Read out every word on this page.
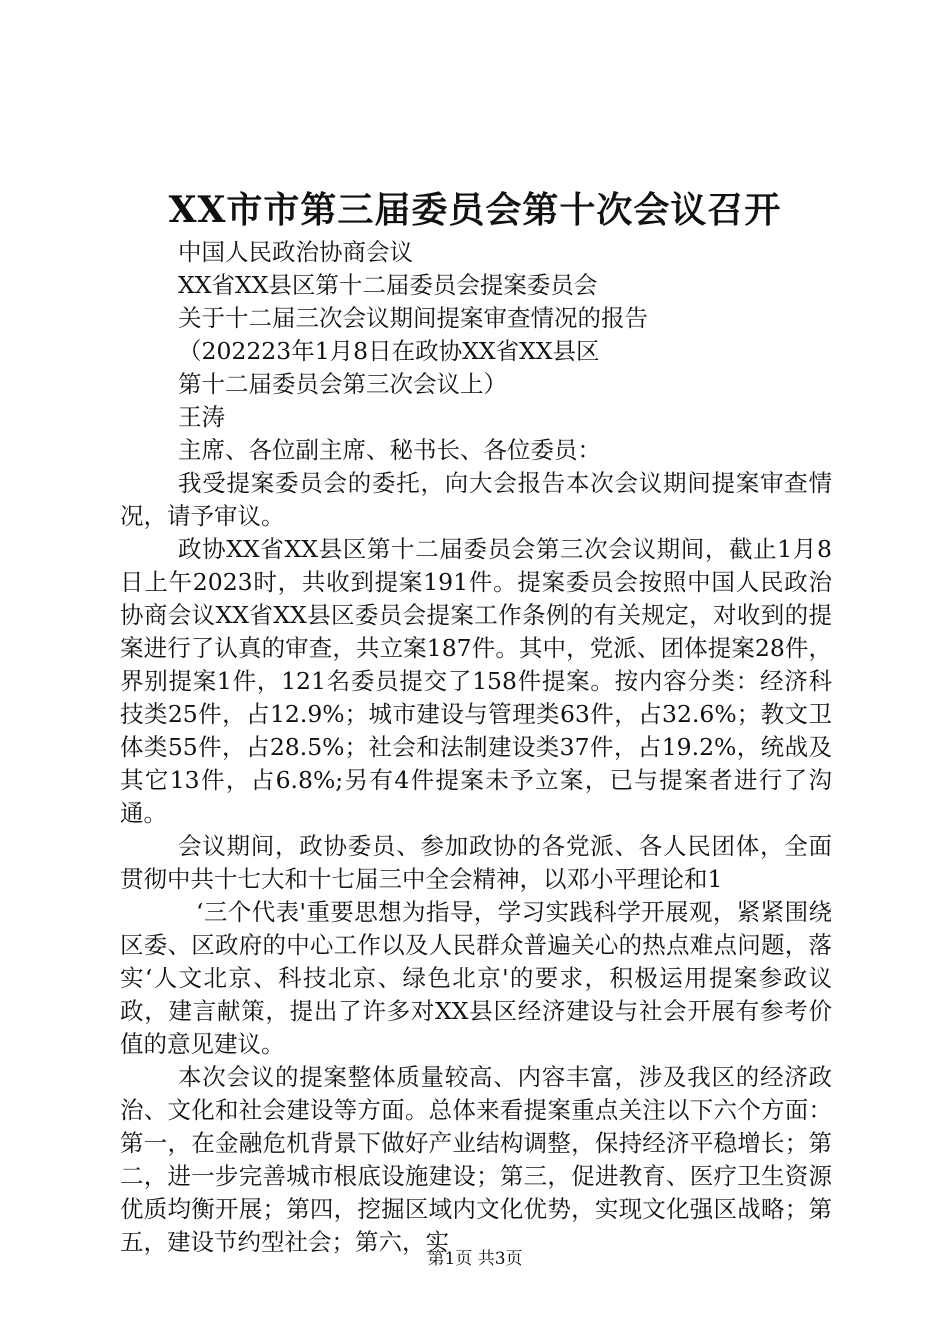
XX市市第三届委员会第十次会议召开
中国人民政治协商会议
XX省XX县区第十二届委员会提案委员会
关于十二届三次会议期间提案审查情况的报告
（202223年1月8日在政协XX省XX县区
第十二届委员会第三次会议上）
王涛
主席、各位副主席、秘书长、各位委员：

我受提案委员会的委托，向大会报告本次会议期间提案审查情况，请予审议。

政协XX省XX县区第十二届委员会第三次会议期间，截止1月8日上午2023时，共收到提案191件。提案委员会按照中国人民政治协商会议XX省XX县区委员会提案工作条例的有关规定，对收到的提案进行了认真的审查，共立案187件。其中，党派、团体提案28件，界别提案1件，121名委员提交了158件提案。按内容分类：经济科技类25件，占12.9%；城市建设与管理类63件，占32.6%；教文卫体类55件，占28.5%；社会和法制建设类37件，占19.2%，统战及其它13件，占6.8%;另有4件提案未予立案，已与提案者进行了沟通。

会议期间，政协委员、参加政协的各党派、各人民团体，全面贯彻中共十七大和十七届三中全会精神，以邓小平理论和1

‘三个代表'重要思想为指导，学习实践科学开展观，紧紧围绕区委、区政府的中心工作以及人民群众普遍关心的热点难点问题，落实‘人文北京、科技北京、绿色北京'的要求，积极运用提案参政议政，建言献策，提出了许多对XX县区经济建设与社会开展有参考价值的意见建议。

本次会议的提案整体质量较高、内容丰富，涉及我区的经济政治、文化和社会建设等方面。总体来看提案重点关注以下六个方面：第一，在金融危机背景下做好产业结构调整，保持经济平稳增长；第二，进一步完善城市根底设施建设；第三，促进教育、医疗卫生资源优质均衡开展；第四，挖掘区域内文化优势，实现文化强区战略；第五，建设节约型社会；第六，实

第1页 共3页
